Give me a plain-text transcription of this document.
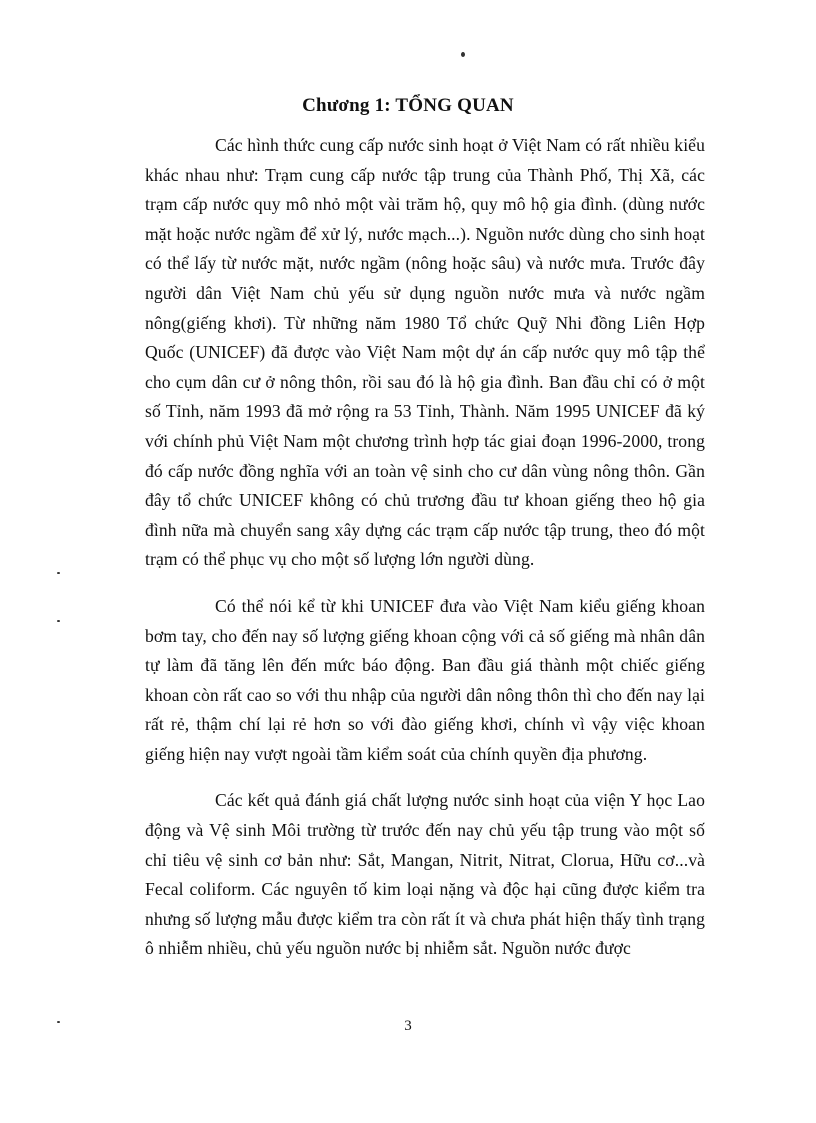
Chương 1: TỔNG QUAN

Các hình thức cung cấp nước sinh hoạt ở Việt Nam có rất nhiều kiểu khác nhau như: Trạm cung cấp nước tập trung của Thành Phố, Thị Xã, các trạm cấp nước quy mô nhỏ một vài trăm hộ, quy mô hộ gia đình. (dùng nước mặt hoặc nước ngầm để xử lý, nước mạch...). Nguồn nước dùng cho sinh hoạt có thể lấy từ nước mặt, nước ngầm (nông hoặc sâu) và nước mưa. Trước đây người dân Việt Nam chủ yếu sử dụng nguồn nước mưa và nước ngầm nông(giếng khơi). Từ những năm 1980 Tổ chức Quỹ Nhi đồng Liên Hợp Quốc (UNICEF) đã được vào Việt Nam một dự án cấp nước quy mô tập thể cho cụm dân cư ở nông thôn, rồi sau đó là hộ gia đình. Ban đầu chỉ có ở một số Tỉnh, năm 1993 đã mở rộng ra 53 Tỉnh, Thành. Năm 1995 UNICEF đã ký với chính phủ Việt Nam một chương trình hợp tác giai đoạn 1996-2000, trong đó cấp nước đồng nghĩa với an toàn vệ sinh cho cư dân vùng nông thôn. Gần đây tổ chức UNICEF không có chủ trương đầu tư khoan giếng theo hộ gia đình nữa mà chuyển sang xây dựng các trạm cấp nước tập trung, theo đó một trạm có thể phục vụ cho một số lượng lớn người dùng.

Có thể nói kể từ khi UNICEF đưa vào Việt Nam kiểu giếng khoan bơm tay, cho đến nay số lượng giếng khoan cộng với cả số giếng mà nhân dân tự làm đã tăng lên đến mức báo động. Ban đầu giá thành một chiếc giếng khoan còn rất cao so với thu nhập của người dân nông thôn thì cho đến nay lại rất rẻ, thậm chí lại rẻ hơn so với đào giếng khơi, chính vì vậy việc khoan giếng hiện nay vượt ngoài tầm kiểm soát của chính quyền địa phương.

Các kết quả đánh giá chất lượng nước sinh hoạt của viện Y học Lao động và Vệ sinh Môi trường từ trước đến nay chủ yếu tập trung vào một số chỉ tiêu vệ sinh cơ bản như: Sắt, Mangan, Nitrit, Nitrat, Clorua, Hữu cơ...và Fecal coliform. Các nguyên tố kim loại nặng và độc hại cũng được kiểm tra nhưng số lượng mẫu được kiểm tra còn rất ít và chưa phát hiện thấy tình trạng ô nhiễm nhiều, chủ yếu nguồn nước bị nhiễm sắt. Nguồn nước được

3
